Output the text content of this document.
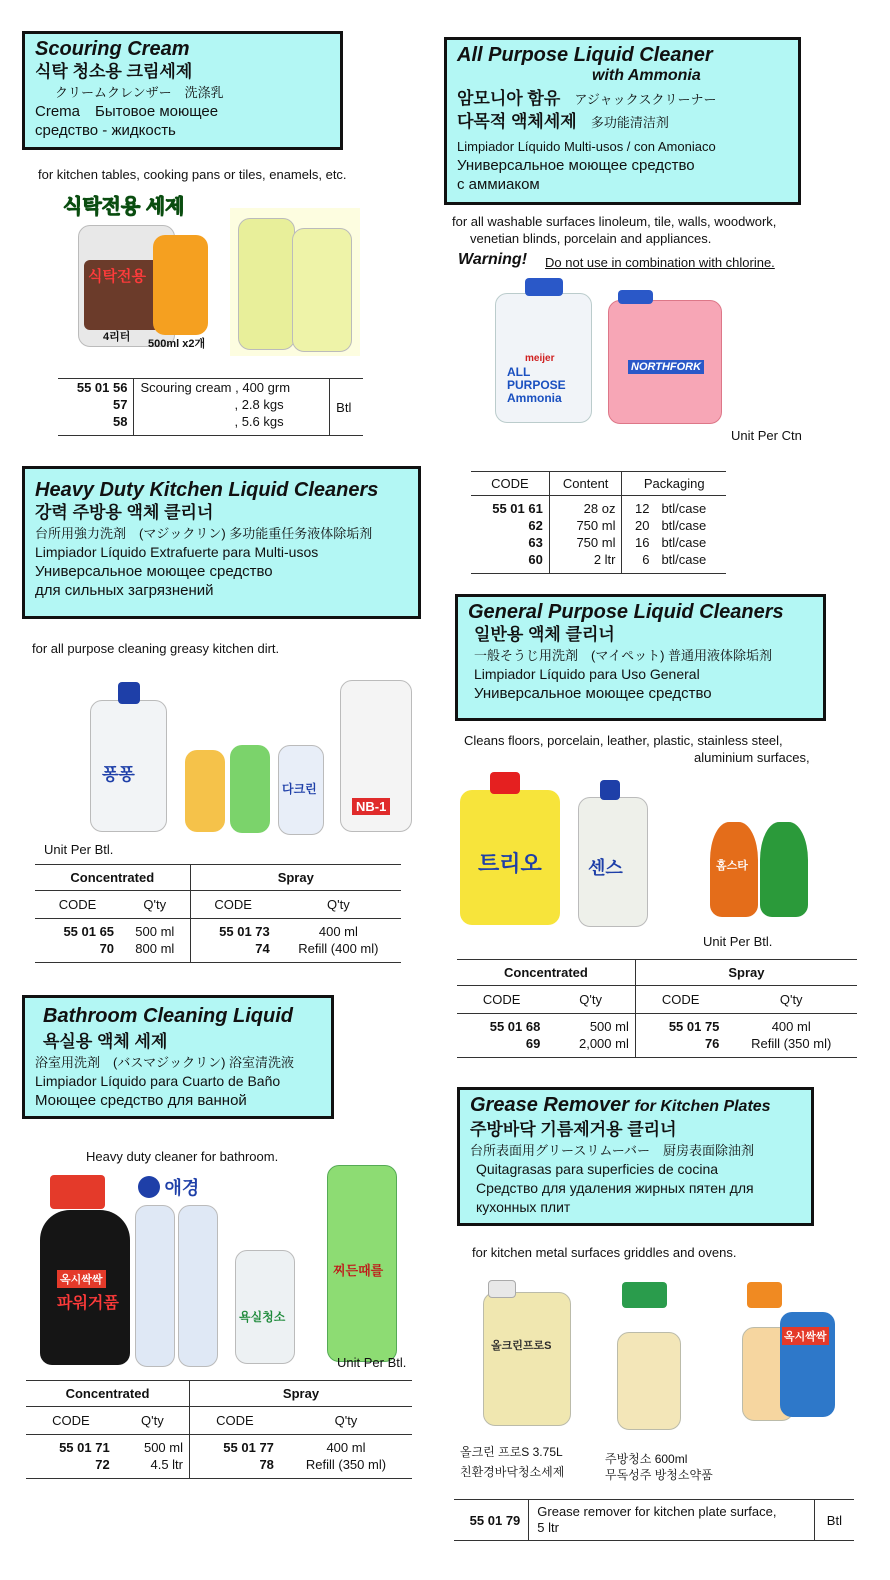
Scouring Cream
식탁 청소용 크림세제
クリームクレンザー　洗涤乳
Crema　Бытовое моющее
средство - жидкость
for kitchen tables, cooking pans or tiles, enamels, etc.
식탁전용 세제
식탁전용
4리터
500ml x2개
55 01 56	Scouring cream , 400 grm	Btl
57	, 2.8 kgs	
58	, 5.6 kgs	
All Purpose Liquid Cleaner
with Ammonia
암모니아 함유 アジャックスクリーナー
다목적 액체세제 多功能清洁剂
Limpiador Líquido Multi-usos / con Amoniaco
Универсальное моющее средство
с аммиаком
for all washable surfaces linoleum, tile, walls, woodwork,
venetian blinds, porcelain and appliances.
Warning! Do not use in combination with chlorine.
meijer
ALL PURPOSE Ammonia
NORTHFORK
Unit Per Ctn
CODE	Content	Packaging	
55 01 61	28 oz	12	btl/case
62	750 ml	20	btl/case
63	750 ml	16	btl/case
60	2 ltr	6	btl/case
Heavy Duty Kitchen Liquid Cleaners
강력 주방용 액체 클리너
台所用強力洗剤　(マジックリン) 多功能重任务液体除垢剂
Limpiador Líquido Extrafuerte para Multi-usos
Универсальное моющее средство
для сильных загрязнений
for all purpose cleaning greasy kitchen dirt.
퐁퐁
다크린
NB-1
Unit Per Btl.
Concentrated		Spray	
CODE	Q'ty	CODE	Q'ty
55 01 65	500 ml	55 01 73	400 ml
70	800 ml	74	Refill (400 ml)
General Purpose Liquid Cleaners
일반용 액체 클리너
一般そうじ用洗剤　(マイペット) 普通用液体除垢剂
Limpiador Líquido para Uso General
Универсальное моющее средство
Cleans floors, porcelain, leather, plastic, stainless steel,
aluminium surfaces,
트리오	센스	홈스타
Unit Per Btl.
Concentrated		Spray	
CODE	Q'ty	CODE	Q'ty
55 01 68	500 ml	55 01 75	400 ml
69	2,000 ml	76	Refill (350 ml)
Bathroom Cleaning Liquid
욕실용 액체 세제
浴室用洗剤　(バスマジックリン) 浴室清洗液
Limpiador Líquido para Cuarto de Baño
Моющее средство для ванной
Heavy duty cleaner for bathroom.
애경
옥시싹싹
파워거품
욕실청소
찌든때를
Unit Per Btl.
Concentrated		Spray	
CODE	Q'ty	CODE	Q'ty
55 01 71	500 ml	55 01 77	400 ml
72	4.5 ltr	78	Refill (350 ml)
Grease Remover for Kitchen Plates
주방바닥 기름제거용 클리너
台所表面用グリースリムーバー　厨房表面除油剂
Quitagrasas para superficies de cocina
Средство для удаления жирных пятен для
кухонных плит
for kitchen metal surfaces griddles and ovens.
올크린프로S
옥시싹싹
올크린 프로S 3.75L
친환경바닥청소세제
주방청소 600ml
무독성주 방청소약품
55 01 79	Grease remover for kitchen plate surface,
5 ltr	Btl
